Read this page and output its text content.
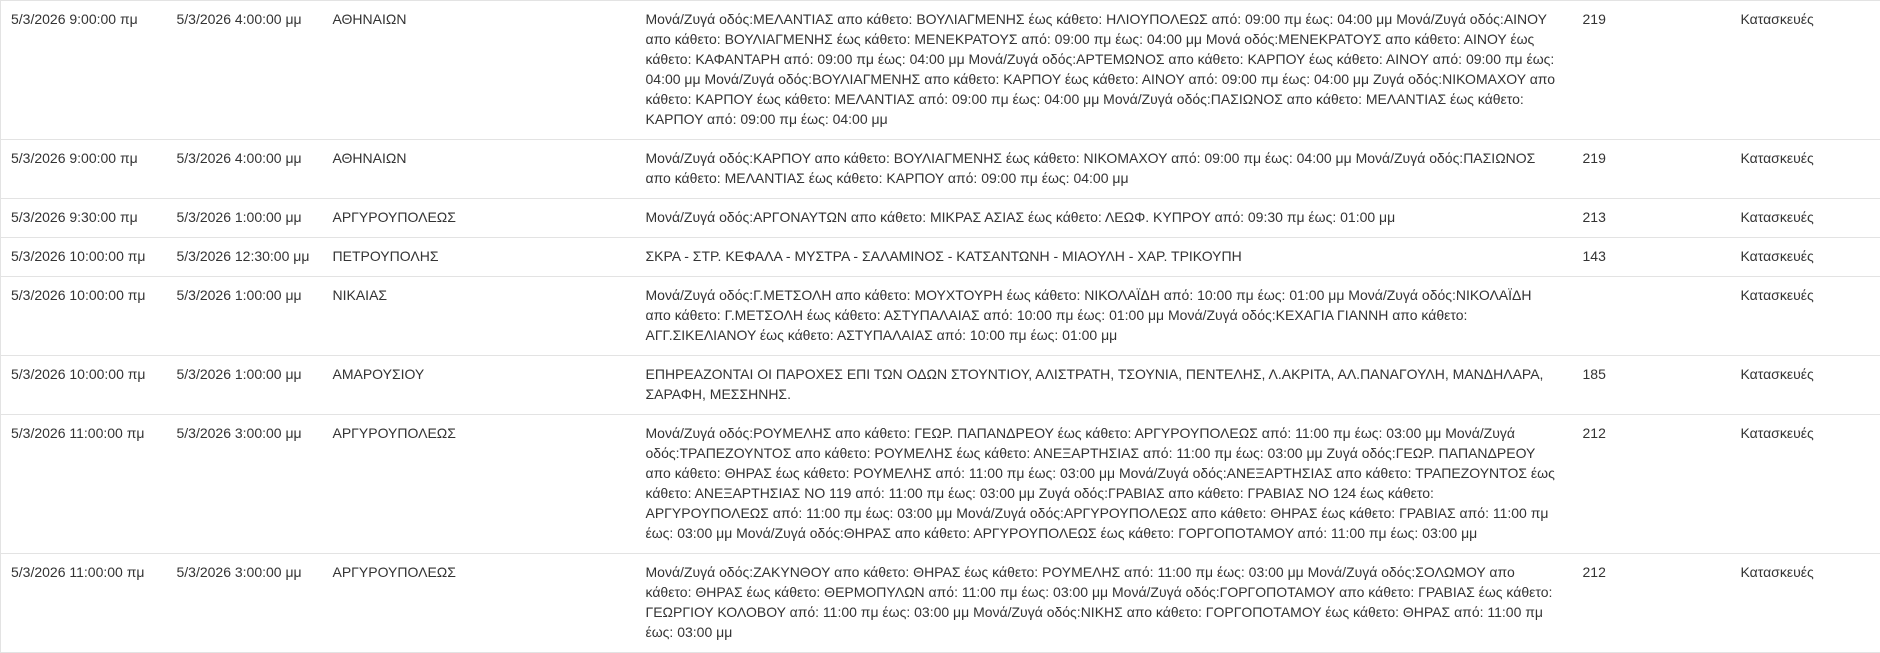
5/3/2026 9:00:00 πμ	5/3/2026 4:00:00 μμ	ΑΘΗΝΑΙΩΝ	Μονά/Ζυγά οδός:ΜΕΛΑΝΤΙΑΣ απο κάθετο: ΒΟΥΛΙΑΓΜΕΝΗΣ έως κάθετο: ΗΛΙΟΥΠΟΛΕΩΣ από: 09:00 πμ έως: 04:00 μμ Μονά/Ζυγά οδός:ΑΙΝΟΥ απο κάθετο: ΒΟΥΛΙΑΓΜΕΝΗΣ έως κάθετο: ΜΕΝΕΚΡΑΤΟΥΣ από: 09:00 πμ έως: 04:00 μμ Μονά οδός:ΜΕΝΕΚΡΑΤΟΥΣ απο κάθετο: ΑΙΝΟΥ έως κάθετο: ΚΑΦΑΝΤΑΡΗ από: 09:00 πμ έως: 04:00 μμ Μονά/Ζυγά οδός:ΑΡΤΕΜΩΝΟΣ απο κάθετο: ΚΑΡΠΟΥ έως κάθετο: ΑΙΝΟΥ από: 09:00 πμ έως: 04:00 μμ Μονά/Ζυγά οδός:ΒΟΥΛΙΑΓΜΕΝΗΣ απο κάθετο: ΚΑΡΠΟΥ έως κάθετο: ΑΙΝΟΥ από: 09:00 πμ έως: 04:00 μμ Ζυγά οδός:ΝΙΚΟΜΑΧΟΥ απο κάθετο: ΚΑΡΠΟΥ έως κάθετο: ΜΕΛΑΝΤΙΑΣ από: 09:00 πμ έως: 04:00 μμ Μονά/Ζυγά οδός:ΠΑΣΙΩΝΟΣ απο κάθετο: ΜΕΛΑΝΤΙΑΣ έως κάθετο: ΚΑΡΠΟΥ από: 09:00 πμ έως: 04:00 μμ	219	Κατασκευές
5/3/2026 9:00:00 πμ	5/3/2026 4:00:00 μμ	ΑΘΗΝΑΙΩΝ	Μονά/Ζυγά οδός:ΚΑΡΠΟΥ απο κάθετο: ΒΟΥΛΙΑΓΜΕΝΗΣ έως κάθετο: ΝΙΚΟΜΑΧΟΥ από: 09:00 πμ έως: 04:00 μμ Μονά/Ζυγά οδός:ΠΑΣΙΩΝΟΣ απο κάθετο: ΜΕΛΑΝΤΙΑΣ έως κάθετο: ΚΑΡΠΟΥ από: 09:00 πμ έως: 04:00 μμ	219	Κατασκευές
5/3/2026 9:30:00 πμ	5/3/2026 1:00:00 μμ	ΑΡΓΥΡΟΥΠΟΛΕΩΣ	Μονά/Ζυγά οδός:ΑΡΓΟΝΑΥΤΩΝ απο κάθετο: ΜΙΚΡΑΣ ΑΣΙΑΣ έως κάθετο: ΛΕΩΦ. ΚΥΠΡΟΥ από: 09:30 πμ έως: 01:00 μμ	213	Κατασκευές
5/3/2026 10:00:00 πμ	5/3/2026 12:30:00 μμ	ΠΕΤΡΟΥΠΟΛΗΣ	ΣΚΡΑ - ΣΤΡ. ΚΕΦΑΛΑ - ΜΥΣΤΡΑ - ΣΑΛΑΜΙΝΟΣ - ΚΑΤΣΑΝΤΩΝΗ - ΜΙΑΟΥΛΗ - ΧΑΡ. ΤΡΙΚΟΥΠΗ	143	Κατασκευές
5/3/2026 10:00:00 πμ	5/3/2026 1:00:00 μμ	ΝΙΚΑΙΑΣ	Μονά/Ζυγά οδός:Γ.ΜΕΤΣΟΛΗ απο κάθετο: ΜΟΥΧΤΟΥΡΗ έως κάθετο: ΝΙΚΟΛΑΪΔΗ από: 10:00 πμ έως: 01:00 μμ Μονά/Ζυγά οδός:ΝΙΚΟΛΑΪΔΗ απο κάθετο: Γ.ΜΕΤΣΟΛΗ έως κάθετο: ΑΣΤΥΠΑΛΑΙΑΣ από: 10:00 πμ έως: 01:00 μμ Μονά/Ζυγά οδός:ΚΕΧΑΓΙΑ ΓΙΑΝΝΗ απο κάθετο: ΑΓΓ.ΣΙΚΕΛΙΑΝΟΥ έως κάθετο: ΑΣΤΥΠΑΛΑΙΑΣ από: 10:00 πμ έως: 01:00 μμ		Κατασκευές
5/3/2026 10:00:00 πμ	5/3/2026 1:00:00 μμ	ΑΜΑΡΟΥΣΙΟΥ	ΕΠΗΡΕΑΖΟΝΤΑΙ ΟΙ ΠΑΡΟΧΕΣ ΕΠΙ ΤΩΝ ΟΔΩΝ ΣΤΟΥΝΤΙΟΥ, ΑΛΙΣΤΡΑΤΗ, ΤΣΟΥΝΙΑ, ΠΕΝΤΕΛΗΣ, Λ.ΑΚΡΙΤΑ, ΑΛ.ΠΑΝΑΓΟΥΛΗ, ΜΑΝΔΗΛΑΡΑ, ΣΑΡΑΦΗ, ΜΕΣΣΗΝΗΣ.	185	Κατασκευές
5/3/2026 11:00:00 πμ	5/3/2026 3:00:00 μμ	ΑΡΓΥΡΟΥΠΟΛΕΩΣ	Μονά/Ζυγά οδός:ΡΟΥΜΕΛΗΣ απο κάθετο: ΓΕΩΡ. ΠΑΠΑΝΔΡΕΟΥ έως κάθετο: ΑΡΓΥΡΟΥΠΟΛΕΩΣ από: 11:00 πμ έως: 03:00 μμ Μονά/Ζυγά οδός:ΤΡΑΠΕΖΟΥΝΤΟΣ απο κάθετο: ΡΟΥΜΕΛΗΣ έως κάθετο: ΑΝΕΞΑΡΤΗΣΙΑΣ από: 11:00 πμ έως: 03:00 μμ Ζυγά οδός:ΓΕΩΡ. ΠΑΠΑΝΔΡΕΟΥ απο κάθετο: ΘΗΡΑΣ έως κάθετο: ΡΟΥΜΕΛΗΣ από: 11:00 πμ έως: 03:00 μμ Μονά/Ζυγά οδός:ΑΝΕΞΑΡΤΗΣΙΑΣ απο κάθετο: ΤΡΑΠΕΖΟΥΝΤΟΣ έως κάθετο: ΑΝΕΞΑΡΤΗΣΙΑΣ ΝΟ 119 από: 11:00 πμ έως: 03:00 μμ Ζυγά οδός:ΓΡΑΒΙΑΣ απο κάθετο: ΓΡΑΒΙΑΣ ΝΟ 124 έως κάθετο: ΑΡΓΥΡΟΥΠΟΛΕΩΣ από: 11:00 πμ έως: 03:00 μμ Μονά/Ζυγά οδός:ΑΡΓΥΡΟΥΠΟΛΕΩΣ απο κάθετο: ΘΗΡΑΣ έως κάθετο: ΓΡΑΒΙΑΣ από: 11:00 πμ έως: 03:00 μμ Μονά/Ζυγά οδός:ΘΗΡΑΣ απο κάθετο: ΑΡΓΥΡΟΥΠΟΛΕΩΣ έως κάθετο: ΓΟΡΓΟΠΟΤΑΜΟΥ από: 11:00 πμ έως: 03:00 μμ	212	Κατασκευές
5/3/2026 11:00:00 πμ	5/3/2026 3:00:00 μμ	ΑΡΓΥΡΟΥΠΟΛΕΩΣ	Μονά/Ζυγά οδός:ΖΑΚΥΝΘΟΥ απο κάθετο: ΘΗΡΑΣ έως κάθετο: ΡΟΥΜΕΛΗΣ από: 11:00 πμ έως: 03:00 μμ Μονά/Ζυγά οδός:ΣΟΛΩΜΟΥ απο κάθετο: ΘΗΡΑΣ έως κάθετο: ΘΕΡΜΟΠΥΛΩΝ από: 11:00 πμ έως: 03:00 μμ Μονά/Ζυγά οδός:ΓΟΡΓΟΠΟΤΑΜΟΥ απο κάθετο: ΓΡΑΒΙΑΣ έως κάθετο: ΓΕΩΡΓΙΟΥ ΚΟΛΟΒΟΥ από: 11:00 πμ έως: 03:00 μμ Μονά/Ζυγά οδός:ΝΙΚΗΣ απο κάθετο: ΓΟΡΓΟΠΟΤΑΜΟΥ έως κάθετο: ΘΗΡΑΣ από: 11:00 πμ έως: 03:00 μμ	212	Κατασκευές
